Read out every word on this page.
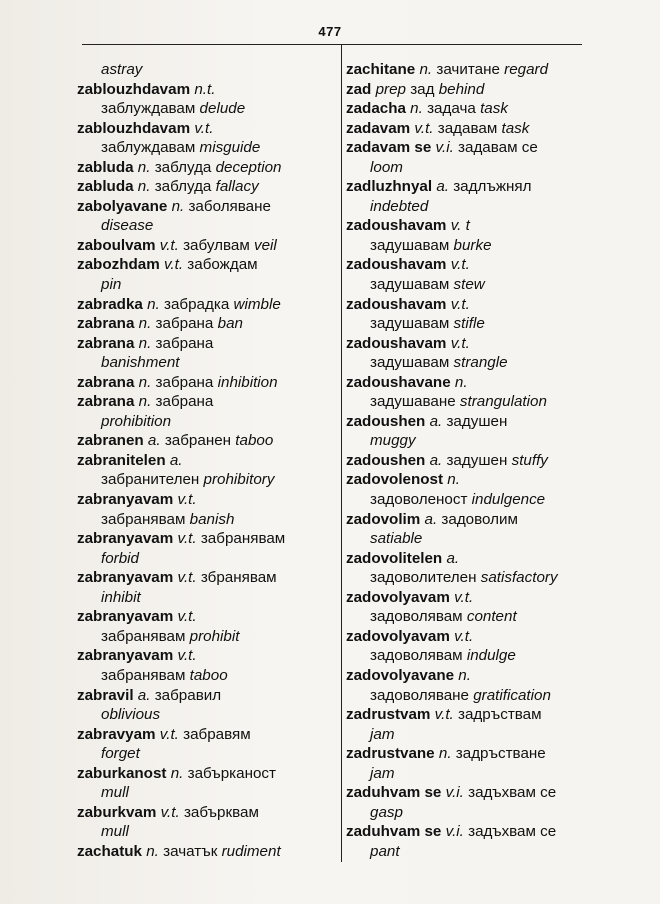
477
astray
zablouzhdavam n.t.
заблуждавам delude
zablouzhdavam v.t.
заблуждавам misguide
zabluda n. заблуда deception
zabluda n. заблуда fallacy
zabolyavane n. заболяване
disease
zaboulvam v.t. забулвам veil
zabozhdam v.t. забождам
pin
zabradka n. забрадка wimble
zabrana n. забрана ban
zabrana n. забрана
banishment
zabrana n. забрана inhibition
zabrana n. забрана
prohibition
zabranen a. забранен taboo
zabranitelen a.
забранителен prohibitory
zabranyavam v.t.
забранявам banish
zabranyavam v.t. забранявам
forbid
zabranyavam v.t. збранявам
inhibit
zabranyavam v.t.
забранявам prohibit
zabranyavam v.t.
забранявам taboo
zabravil a. забравил
oblivious
zabravyam v.t. забравям
forget
zaburkanost n. забърканост
mull
zaburkvam v.t. забърквам
mull
zachatuk n. зачатък rudiment
zachitane n. зачитане regard
zad prep зад behind
zadacha n. задача task
zadavam v.t. задавам task
zadavam se v.i. задавам се
loom
zadluzhnyal a. задлъжнял
indebted
zadoushavam v. t
задушавам burke
zadoushavam v.t.
задушавам stew
zadoushavam v.t.
задушавам stifle
zadoushavam v.t.
задушавам strangle
zadoushavane n.
задушаване strangulation
zadoushen a. задушен
muggy
zadoushen a. задушен stuffy
zadovolenost n.
задоволеност indulgence
zadovolim a. задоволим
satiable
zadovolitelen a.
задоволителен satisfactory
zadovolyavam v.t.
задоволявам content
zadovolyavam v.t.
задоволявам indulge
zadovolyavane n.
задоволяване gratification
zadrustvam v.t. задръствам
jam
zadrustvane n. задръстване
jam
zaduhvam se v.i. задъхвам се
gasp
zaduhvam se v.i. задъхвам се
pant
